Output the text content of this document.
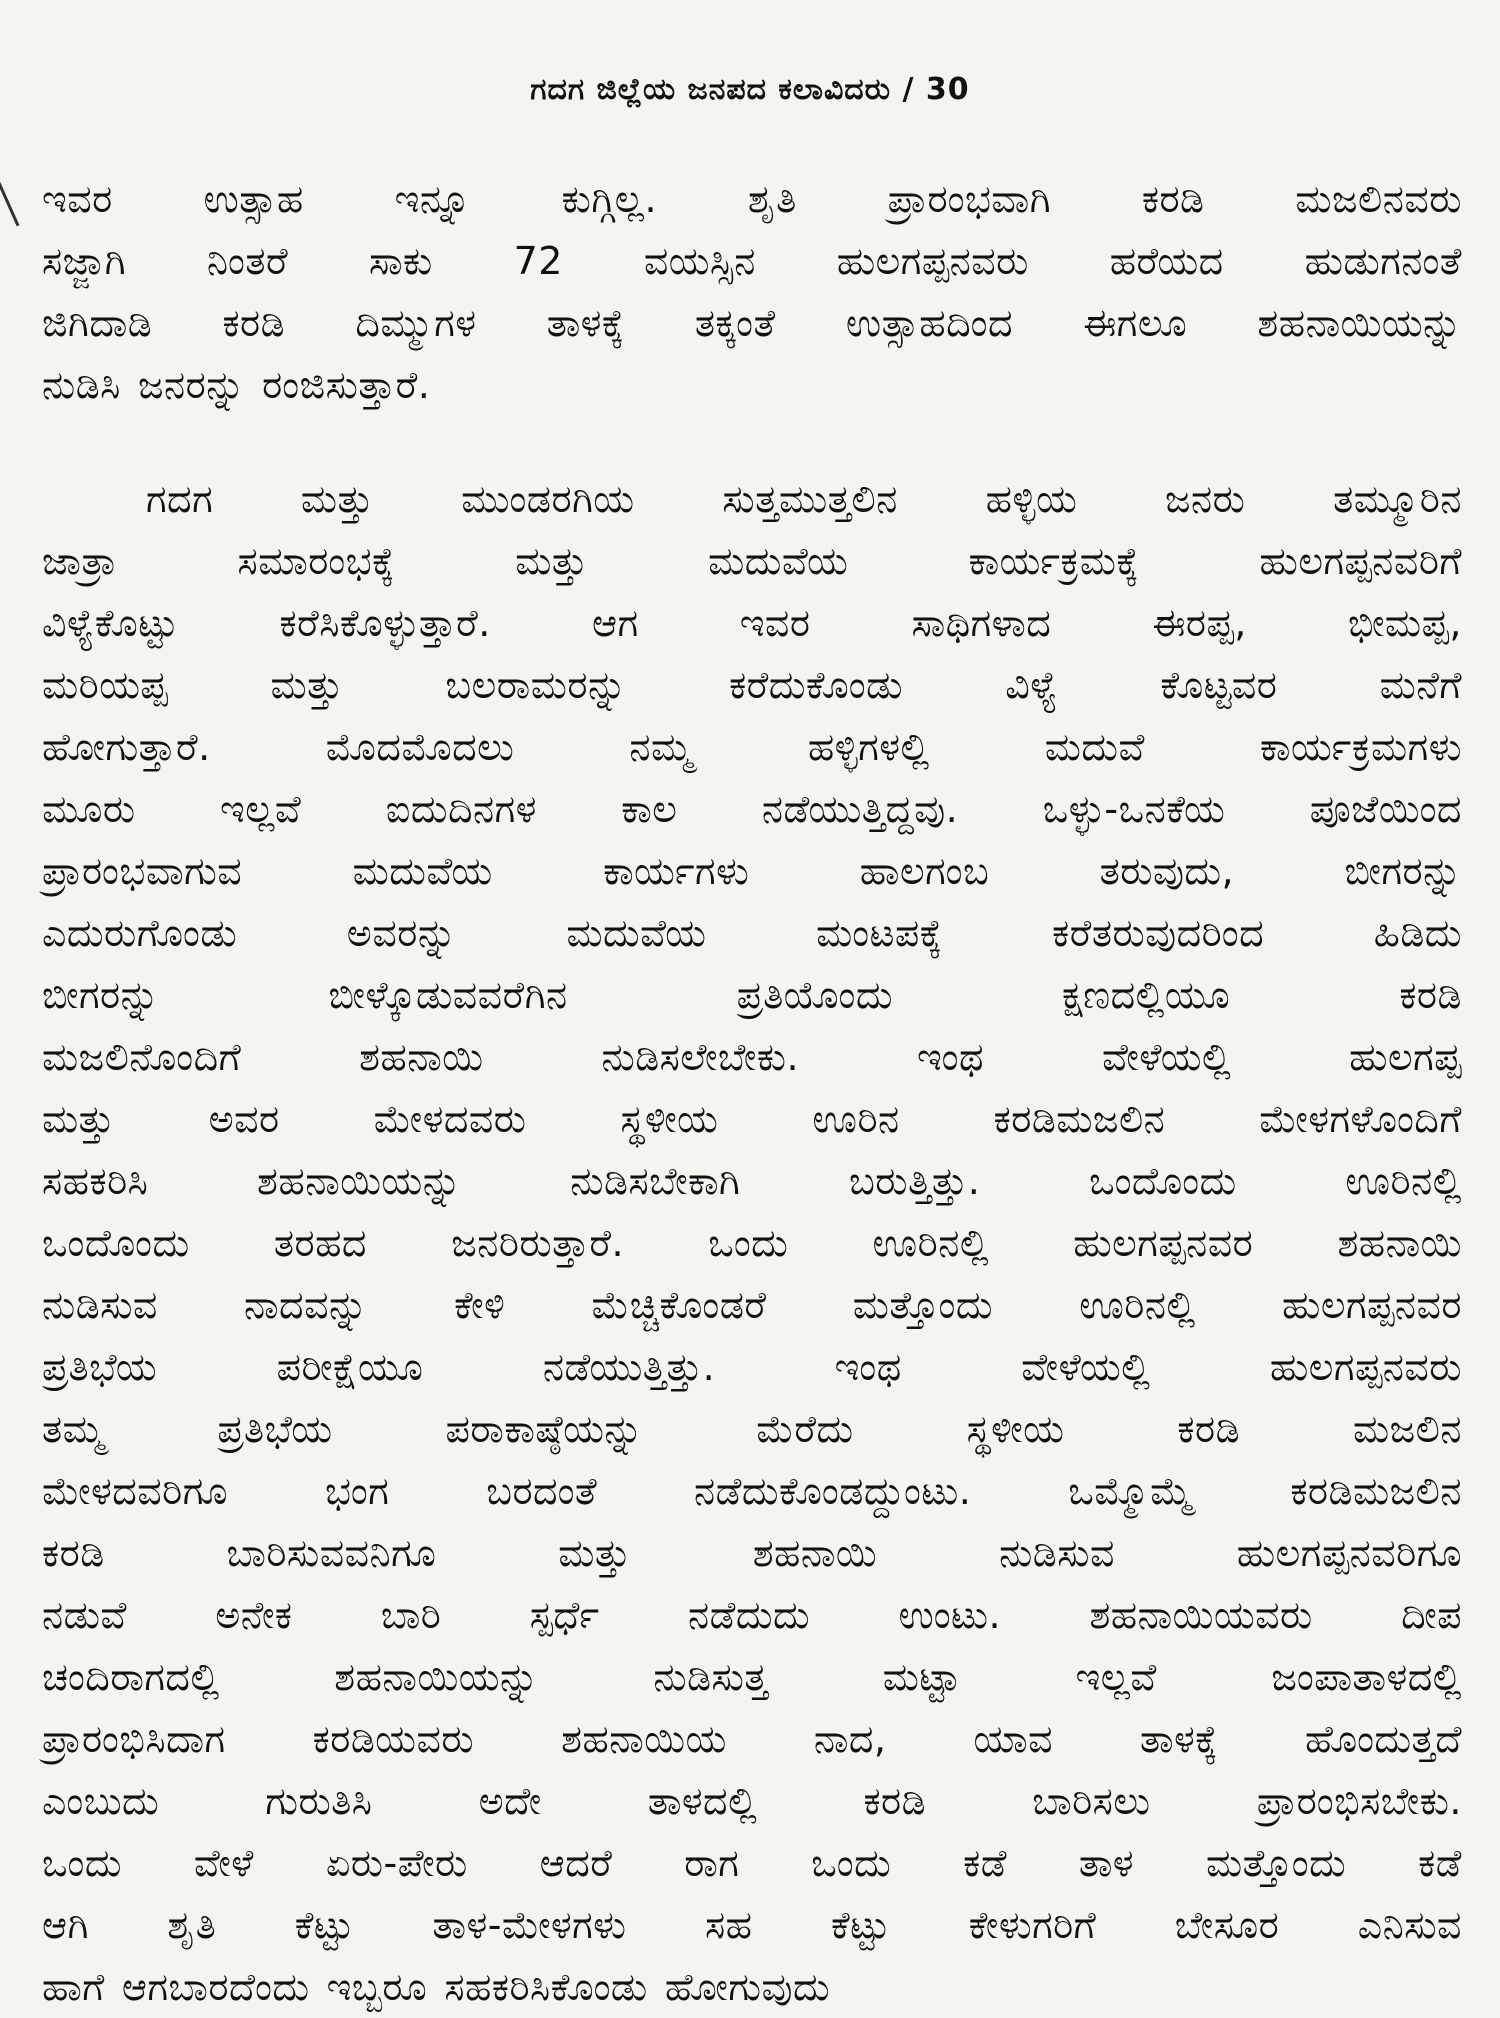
ಗದಗ ಜಿಲ್ಲೆಯ ಜನಪದ ಕಲಾವಿದರು / 30
ಇವರ ಉತ್ಸಾಹ ಇನ್ನೂ ಕುಗ್ಗಿಲ್ಲ. ಶೃತಿ ಪ್ರಾರಂಭವಾಗಿ ಕರಡಿ ಮಜಲಿನವರು
ಸಜ್ಜಾಗಿ ನಿಂತರೆ ಸಾಕು 72 ವಯಸ್ಸಿನ ಹುಲಗಪ್ಪನವರು ಹರೆಯದ ಹುಡುಗನಂತೆ
ಜಿಗಿದಾಡಿ ಕರಡಿ ದಿಮ್ಮುಗಳ ತಾಳಕ್ಕೆ ತಕ್ಕಂತೆ ಉತ್ಸಾಹದಿಂದ ಈಗಲೂ ಶಹನಾಯಿಯನ್ನು
ನುಡಿಸಿ ಜನರನ್ನು ರಂಜಿಸುತ್ತಾರೆ.
ಗದಗ ಮತ್ತು ಮುಂಡರಗಿಯ ಸುತ್ತಮುತ್ತಲಿನ ಹಳ್ಳಿಯ ಜನರು ತಮ್ಮೂರಿನ
ಜಾತ್ರಾ	ಸಮಾರಂಭಕ್ಕೆ	ಮತ್ತು	ಮದುವೆಯ	ಕಾರ್ಯಕ್ರಮಕ್ಕೆ	ಹುಲಗಪ್ಪನವರಿಗೆ
ವಿಳ್ಯೆಕೊಟ್ಟು	ಕರೆಸಿಕೊಳ್ಳುತ್ತಾರೆ.	ಆಗ	ಇವರ	ಸಾಥಿಗಳಾದ	ಈರಪ್ಪ,	ಭೀಮಪ್ಪ,
ಮರಿಯಪ್ಪ	ಮತ್ತು	ಬಲರಾಮರನ್ನು	ಕರೆದುಕೊಂಡು	ವಿಳ್ಯೆ	ಕೊಟ್ಟವರ	ಮನೆಗೆ
ಹೋಗುತ್ತಾರೆ.	ಮೊದಮೊದಲು	ನಮ್ಮ	ಹಳ್ಳಿಗಳಲ್ಲಿ	ಮದುವೆ	ಕಾರ್ಯಕ್ರಮಗಳು
ಮೂರು ಇಲ್ಲವೆ ಐದುದಿನಗಳ ಕಾಲ ನಡೆಯುತ್ತಿದ್ದವು. ಒಳ್ಳು-ಒನಕೆಯ ಪೂಜೆಯಿಂದ
ಪ್ರಾರಂಭವಾಗುವ	ಮದುವೆಯ	ಕಾರ್ಯಗಳು	ಹಾಲಗಂಬ	ತರುವುದು,	ಬೀಗರನ್ನು
ಎದುರುಗೊಂಡು	ಅವರನ್ನು	ಮದುವೆಯ	ಮಂಟಪಕ್ಕೆ	ಕರೆತರುವುದರಿಂದ	ಹಿಡಿದು
ಬೀಗರನ್ನು	ಬೀಳ್ಕೊಡುವವರೆಗಿನ	ಪ್ರತಿಯೊಂದು	ಕ್ಷಣದಲ್ಲಿಯೂ	ಕರಡಿ
ಮಜಲಿನೊಂದಿಗೆ	ಶಹನಾಯಿ	ನುಡಿಸಲೇಬೇಕು.	ಇಂಥ	ವೇಳೆಯಲ್ಲಿ	ಹುಲಗಪ್ಪ
ಮತ್ತು ಅವರ ಮೇಳದವರು ಸ್ಥಳೀಯ ಊರಿನ ಕರಡಿಮಜಲಿನ ಮೇಳಗಳೊಂದಿಗೆ
ಸಹಕರಿಸಿ	ಶಹನಾಯಿಯನ್ನು	ನುಡಿಸಬೇಕಾಗಿ	ಬರುತ್ತಿತ್ತು.	ಒಂದೊಂದು	ಊರಿನಲ್ಲಿ
ಒಂದೊಂದು ತರಹದ ಜನರಿರುತ್ತಾರೆ. ಒಂದು ಊರಿನಲ್ಲಿ ಹುಲಗಪ್ಪನವರ ಶಹನಾಯಿ
ನುಡಿಸುವ ನಾದವನ್ನು ಕೇಳಿ ಮೆಚ್ಚಿಕೊಂಡರೆ ಮತ್ತೊಂದು ಊರಿನಲ್ಲಿ ಹುಲಗಪ್ಪನವರ
ಪ್ರತಿಭೆಯ	ಪರೀಕ್ಷೆಯೂ	ನಡೆಯುತ್ತಿತ್ತು.	ಇಂಥ	ವೇಳೆಯಲ್ಲಿ	ಹುಲಗಪ್ಪನವರು
ತಮ್ಮ	ಪ್ರತಿಭೆಯ	ಪರಾಕಾಷ್ಠೆಯನ್ನು	ಮೆರೆದು	ಸ್ಥಳೀಯ	ಕರಡಿ	ಮಜಲಿನ
ಮೇಳದವರಿಗೂ	ಭಂಗ	ಬರದಂತೆ	ನಡೆದುಕೊಂಡದ್ದುಂಟು.	ಒಮ್ಮೊಮ್ಮೆ	ಕರಡಿಮಜಲಿನ
ಕರಡಿ	ಬಾರಿಸುವವನಿಗೂ	ಮತ್ತು	ಶಹನಾಯಿ	ನುಡಿಸುವ	ಹುಲಗಪ್ಪನವರಿಗೂ
ನಡುವೆ ಅನೇಕ ಬಾರಿ ಸ್ಪರ್ಧೆ ನಡೆದುದು ಉಂಟು. ಶಹನಾಯಿಯವರು ದೀಪ
ಚಂದಿರಾಗದಲ್ಲಿ	ಶಹನಾಯಿಯನ್ನು	ನುಡಿಸುತ್ತ	ಮಟ್ಟಾ	ಇಲ್ಲವೆ	ಜಂಪಾತಾಳದಲ್ಲಿ
ಪ್ರಾರಂಭಿಸಿದಾಗ ಕರಡಿಯವರು ಶಹನಾಯಿಯ ನಾದ, ಯಾವ ತಾಳಕ್ಕೆ ಹೊಂದುತ್ತದೆ
ಎಂಬುದು	ಗುರುತಿಸಿ	ಅದೇ	ತಾಳದಲ್ಲಿ	ಕರಡಿ	ಬಾರಿಸಲು	ಪ್ರಾರಂಭಿಸಬೇಕು.
ಒಂದು ವೇಳೆ ಏರು-ಪೇರು ಆದರೆ ರಾಗ ಒಂದು ಕಡೆ ತಾಳ ಮತ್ತೊಂದು ಕಡೆ
ಆಗಿ ಶೃತಿ ಕೆಟ್ಟು ತಾಳ-ಮೇಳಗಳು ಸಹ ಕೆಟ್ಟು ಕೇಳುಗರಿಗೆ ಬೇಸೂರ ಎನಿಸುವ
ಹಾಗೆ ಆಗಬಾರದೆಂದು ಇಬ್ಬರೂ ಸಹಕರಿಸಿಕೊಂಡು ಹೋಗುವುದು
